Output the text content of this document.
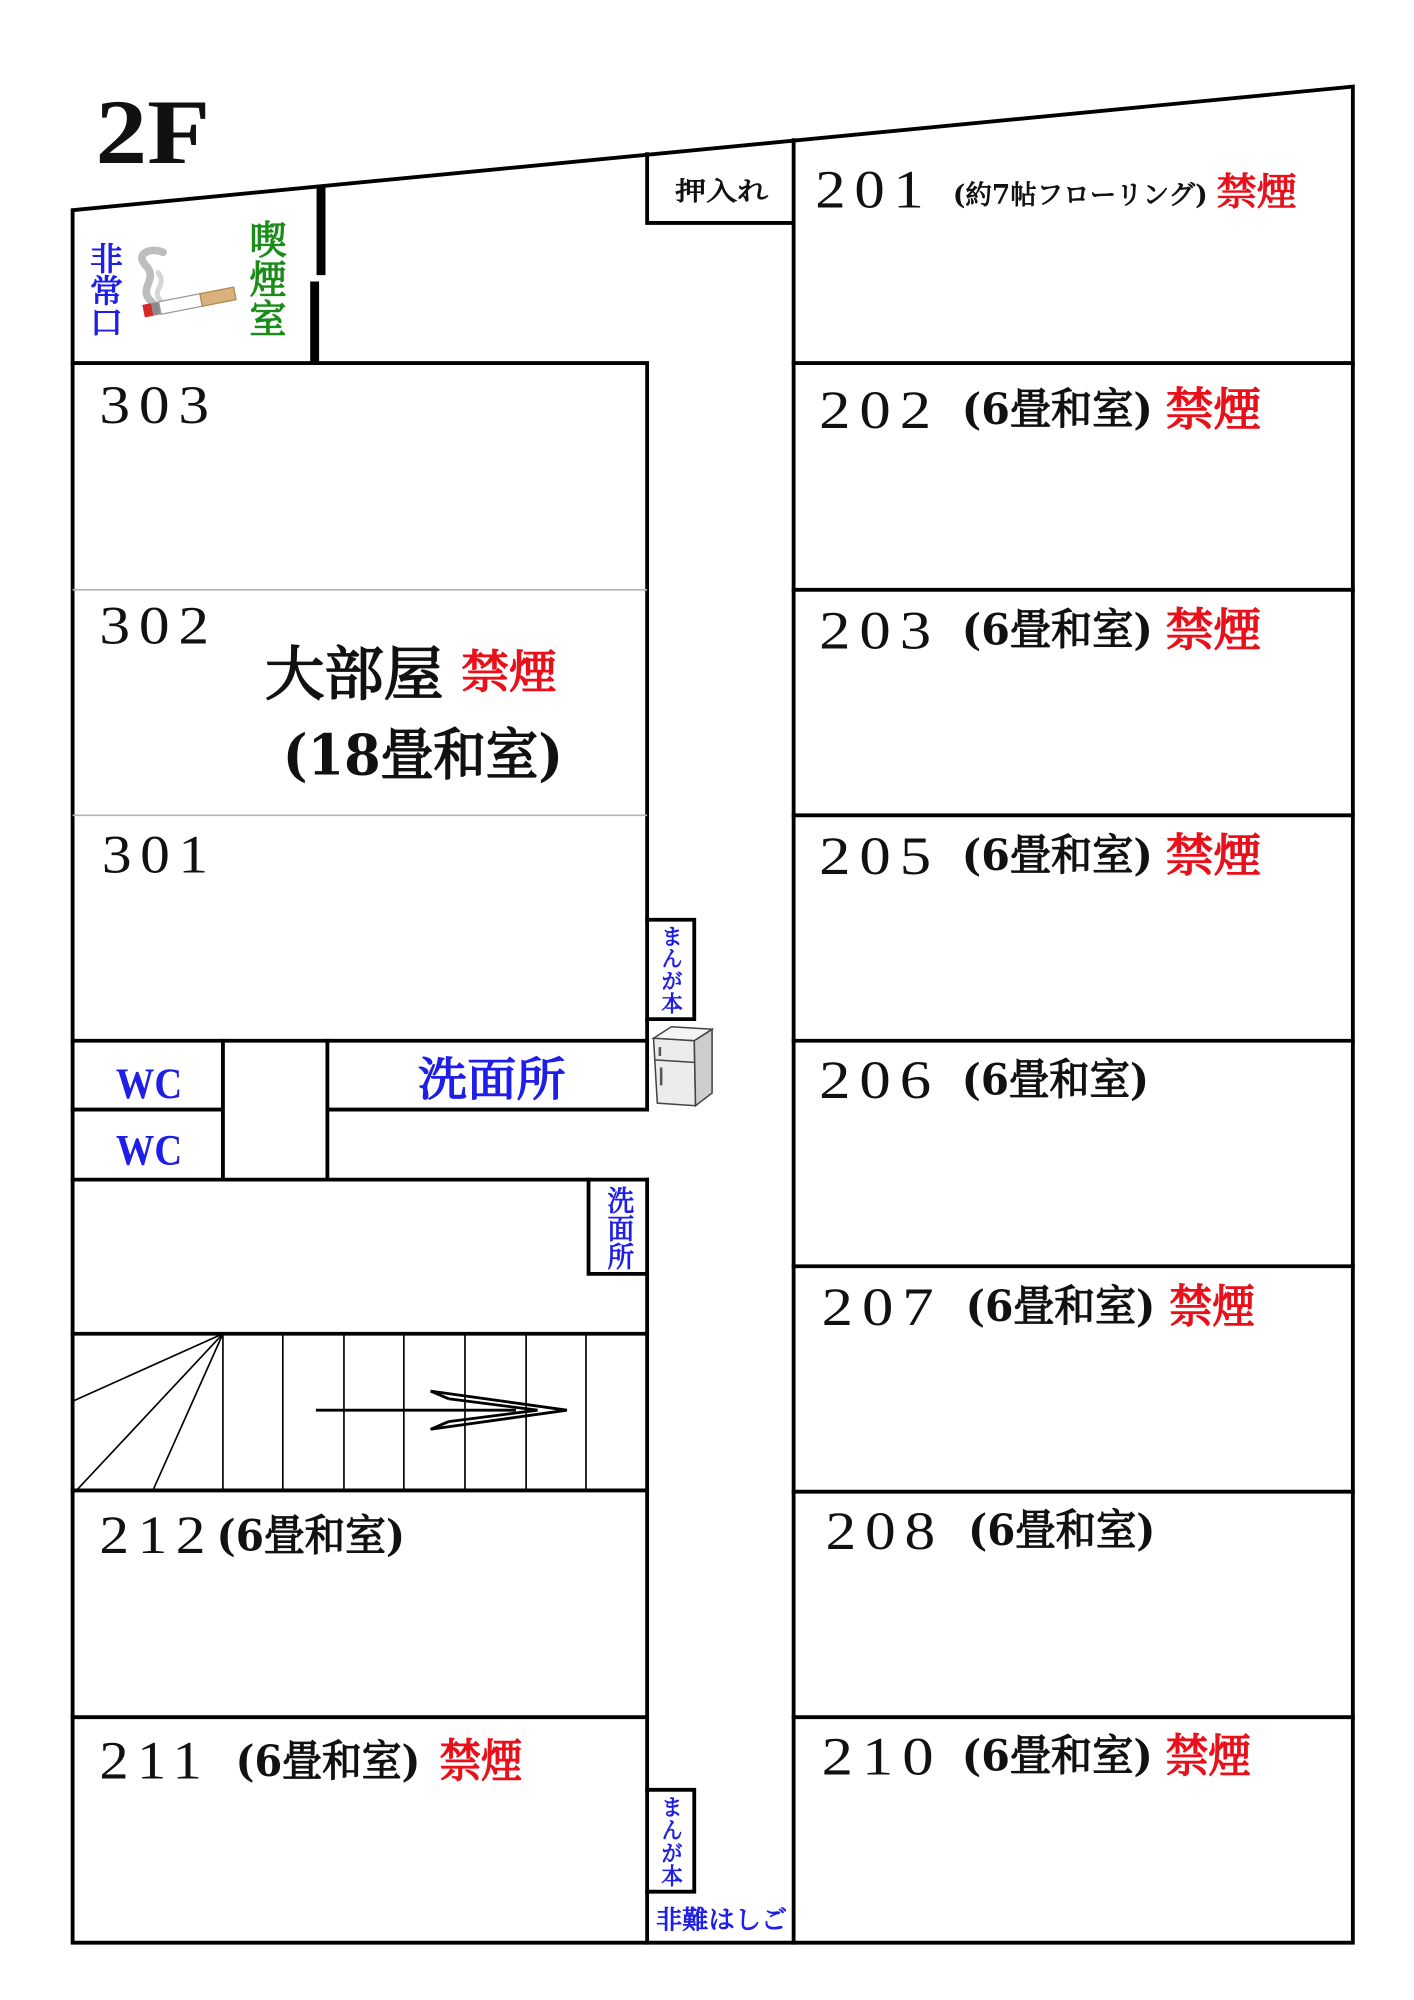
2F
押入れ
非常口	喫煙室
201 (約7帖フローリング) 禁煙
202 (6畳和室) 禁煙
203 (6畳和室) 禁煙
205 (6畳和室) 禁煙
206 (6畳和室)
207 (6畳和室) 禁煙
208 (6畳和室)
210 (6畳和室) 禁煙
303
302
大部屋 禁煙
(18畳和室)
301
まんが本
WC
WC
洗面所
洗面所
212 (6畳和室)
211 (6畳和室) 禁煙
まんが本
非難はしご
